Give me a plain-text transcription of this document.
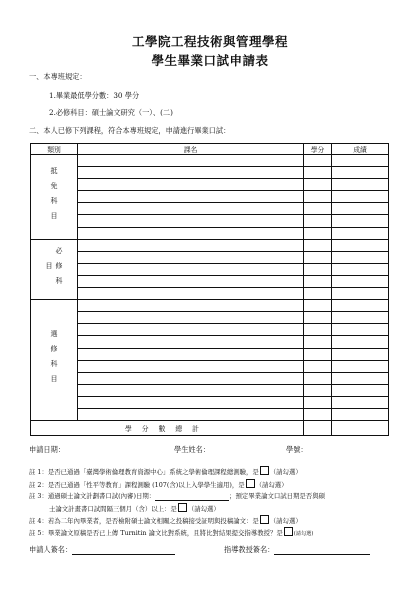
工學院工程技術與管理學程
學生畢業口試申請表
一、本專班規定：
1.畢業最低學分數：30 學分
2.必修科目：碩士論文研究（一）、(二)
二、本人已修下列課程，符合本專班規定，申請進行畢業口試：
類別	課名	學分	成績

抵免科目			

必修科目			

選修科目			

學分數總計			
申請日期：	學生姓名：	學號：
註 1：是否已通過「臺灣學術倫理教育資源中心」系統之學術倫理課程總測驗，是 （請勾選）
註 2：是否已通過「性平等教育」課程測驗 (107(含)以上入學學生適用)，是 （請勾選）
註 3：通過碩士論文計劃書口試(內審)日期：	；預定畢業論文口試日期是否與碩
士論文計畫書口試間隔三個月（含）以上：是 （請勾選）
註 4：若為二年內畢業者，是否檢附碩士論文相關之投稿接受証明與投稿論文：是 （請勾選）
註 5：畢業論文原稿是否已上傳 Turnitin 論文比對系統，且將比對結果提交指導教授？是 (請勾選)
申請人簽名：	指導教授簽名：
